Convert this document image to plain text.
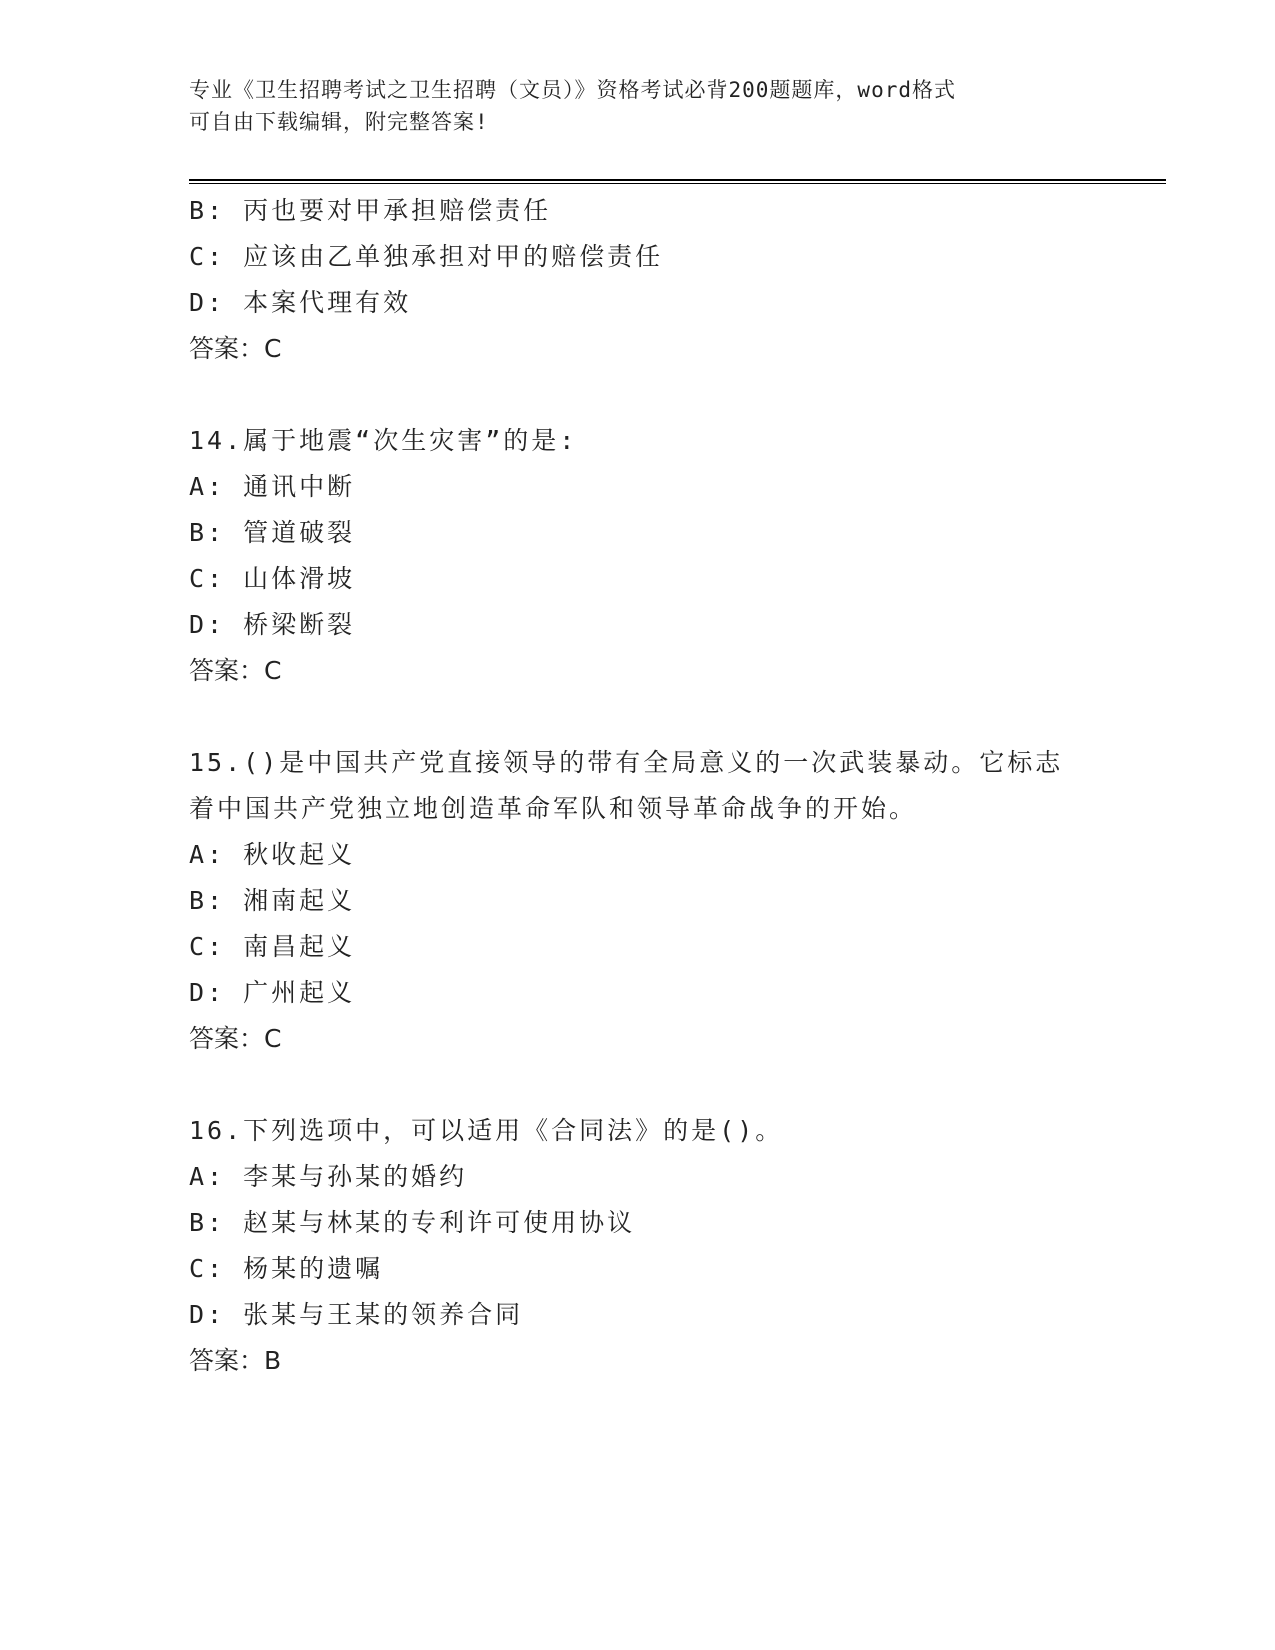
专业《卫生招聘考试之卫生招聘（文员）》资格考试必背200题题库，word格式
可自由下载编辑，附完整答案!
B: 丙也要对甲承担赔偿责任
C: 应该由乙单独承担对甲的赔偿责任
D: 本案代理有效
答案：C
14.属于地震“次生灾害”的是:
A: 通讯中断
B: 管道破裂
C: 山体滑坡
D: 桥梁断裂
答案：C
15.()是中国共产党直接领导的带有全局意义的一次武装暴动。它标志
着中国共产党独立地创造革命军队和领导革命战争的开始。
A: 秋收起义
B: 湘南起义
C: 南昌起义
D: 广州起义
答案：C
16.下列选项中，可以适用《合同法》的是()。
A: 李某与孙某的婚约
B: 赵某与林某的专利许可使用协议
C: 杨某的遗嘱
D: 张某与王某的领养合同
答案：B
